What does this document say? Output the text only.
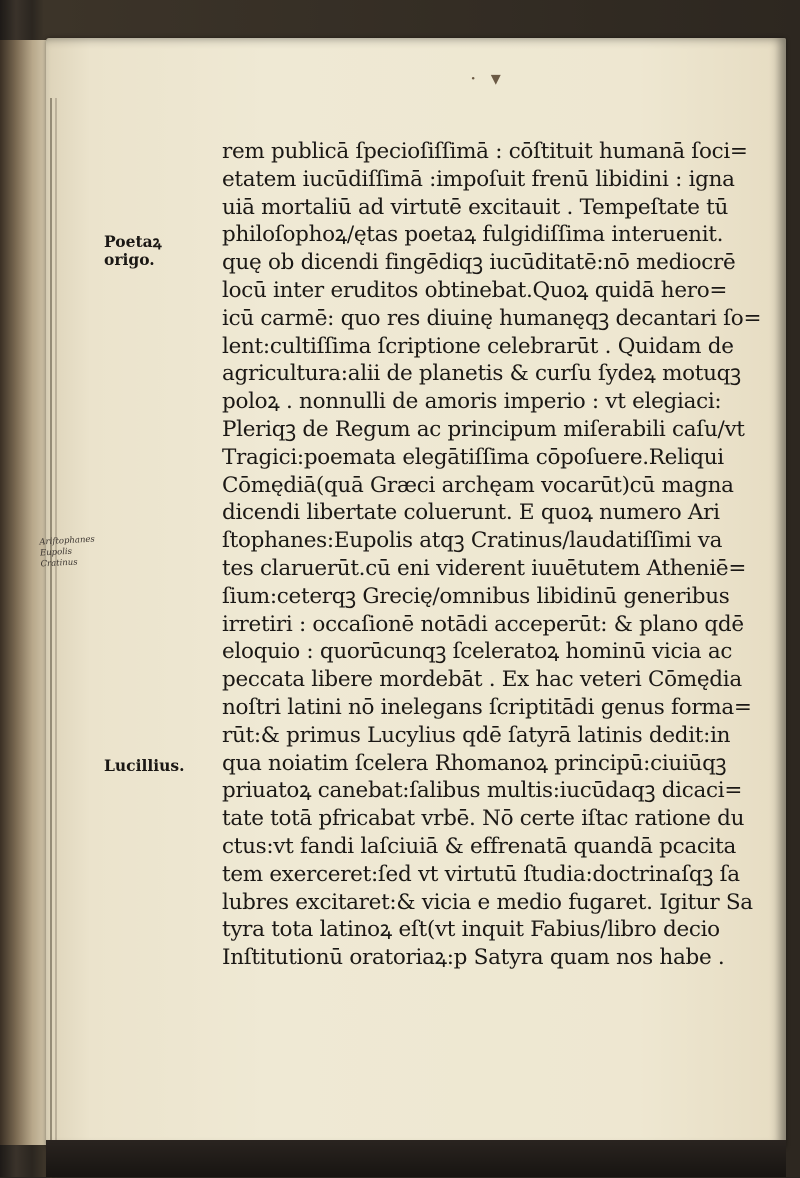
· ▾
Poetaꝝ
origo.
Ariſtophanes
Eupolis
Cratinus
Lucillius.
rem publicā ſpecioſiſſimā : cōſtituit humanā ſoci=
etatem iucūdiſſimā :impoſuit frenū libidini : igna
uiā mortaliū ad virtutē excitauit . Tempeſtate tū
philoſophoꝝ/ętas poetaꝝ fulgidiſſima interuenit.
quę ob dicendi fingēdiqꝫ iucūditatē:nō mediocrē
locū inter eruditos obtinebat.Quoꝝ quidā hero=
icū carmē: quo res diuinę humanęqꝫ decantari ſo=
lent:cultiſſima ſcriptione celebrarūt . Quidam de
agricultura:alii de planetis & curſu ſydeꝝ motuqꝫ
poloꝝ . nonnulli de amoris imperio : vt elegiaci:
Pleriqꝫ de Regum ac principum miſerabili caſu/vt
Tragici:poemata elegātiſſima cōpoſuere.Reliqui
Cōmędiā(quā Græci archęam vocarūt)cū magna
dicendi libertate coluerunt. E quoꝝ numero Ari
ſtophanes:Eupolis atqꝫ Cratinus/laudatiſſimi va
tes claruerūt.cū eni viderent iuuētutem Atheniē=
ſium:ceterqꝫ Grecię/omnibus libidinū generibus
irretiri : occaſionē notādi acceperūt: & plano qdē
eloquio : quorūcunqꝫ ſceleratoꝝ hominū vicia ac
peccata libere mordebāt . Ex hac veteri Cōmędia
noſtri latini nō inelegans ſcriptitādi genus forma=
rūt:& primus Lucylius qdē ſatyrā latinis dedit:in
qua noiatim ſcelera Rhomanoꝝ principū:ciuiūqꝫ
priuatoꝝ canebat:ſalibus multis:iucūdaqꝫ dicaci=
tate totā pfricabat vrbē. Nō certe iſtac ratione du
ctus:vt fandi laſciuiā & effrenatā quandā pcacita
tem exerceret:ſed vt virtutū ſtudia:doctrinaſqꝫ ſa
lubres excitaret:& vicia e medio fugaret. Igitur Sa
tyra tota latinoꝝ eſt(vt inquit Fabius/libro decio
Inſtitutionū oratoriaꝝ:p Satyra quam nos habe .
